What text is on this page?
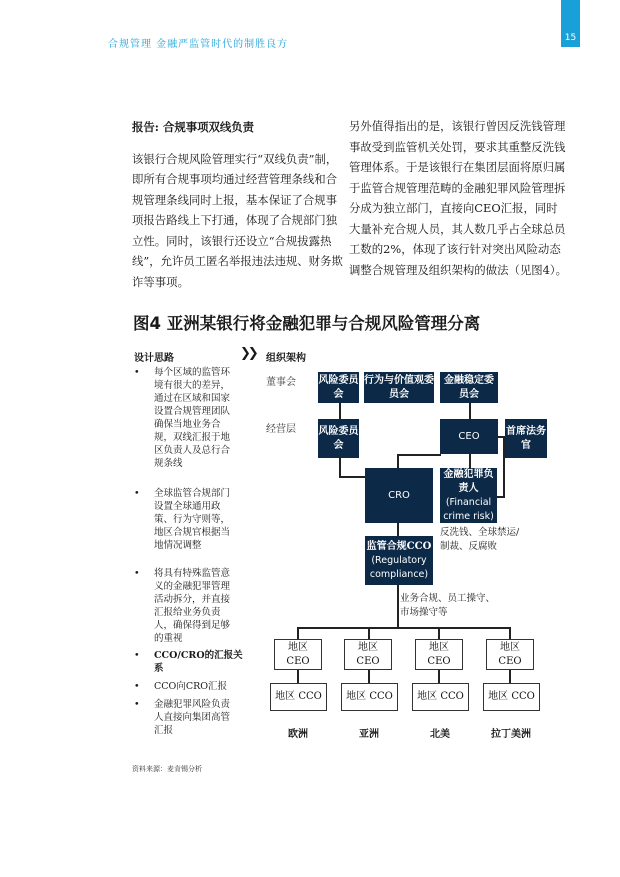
合规管理 金融严监管时代的制胜良方
15
报告: 合规事项双线负责
该银行合规风险管理实行“双线负责”制，即所有合规事项均通过经营管理条线和合规管理条线同时上报，基本保证了合规事项报告路线上下打通，体现了合规部门独立性。同时，该银行还设立“合规拔露热线”，允许员工匿名举报违法违规、财务欺诈等事项。
另外值得指出的是，该银行曾因反洗钱管理事故受到监管机关处罚，要求其重整反洗钱管理体系。于是该银行在集团层面将原归属于监管合规管理范畴的金融犯罪风险管理拆分成为独立部门，直接向CEO汇报，同时大量补充合规人员，其人数几乎占全球总员工数的2%，体现了该行针对突出风险动态调整合规管理及组织架构的做法（见图4）。
图4 亚洲某银行将金融犯罪与合规风险管理分离
设计思路
• 每个区域的监管环境有很大的差异，通过在区域和国家设置合规管理团队确保当地业务合规，双线汇报于地区负责人及总行合规条线
• 全球监管合规部门设置全球通用政策、行为守则等，地区合规官根据当地情况调整
• 将具有特殊监管意义的金融犯罪管理活动拆分，并直接汇报给业务负责人，确保得到足够的重视
• CCO/CRO的汇报关系
• CCO向CRO汇报
• 金融犯罪风险负责人直接向集团高管汇报
❯❯ 组织架构
董事会
经营层
风险委员会
行为与价值观委员会
金融稳定委员会
风险委员会
CEO	首席法务官
CRO
金融犯罪负责人
(Financial crime risk)
反洗钱、全球禁运/制裁、反腐败
监管合规CCO
(Regulatory compliance)
业务合规、员工操守、市场操守等
地区 CEO
地区 CEO
地区 CEO
地区 CEO
地区 CCO 地区 CCO 地区 CCO 地区 CCO
欧洲	亚洲	北美	拉丁美洲
资料来源：麦肯锡分析
